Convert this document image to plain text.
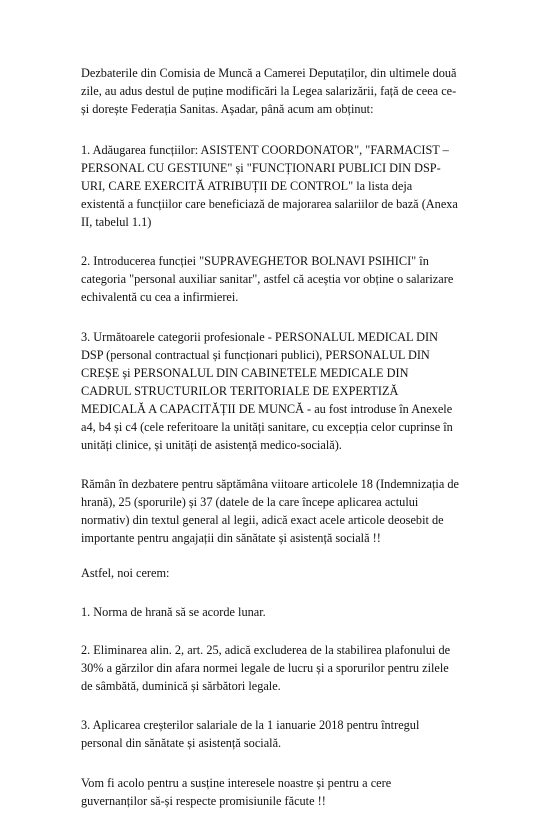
Dezbaterile din Comisia de Muncă a Camerei Deputaților, din ultimele două
zile, au adus destul de puține modificări la Legea salarizării, față de ceea ce-
și dorește Federația Sanitas. Așadar, până acum am obținut:

1. Adăugarea funcțiilor: ASISTENT COORDONATOR", "FARMACIST –
PERSONAL CU GESTIUNE" și "FUNCȚIONARI PUBLICI DIN DSP-
URI, CARE EXERCITĂ ATRIBUȚII DE CONTROL" la lista deja
existentă a funcțiilor care beneficiază de majorarea salariilor de bază (Anexa
II, tabelul 1.1)

2. Introducerea funcției "SUPRAVEGHETOR BOLNAVI PSIHICI" în
categoria "personal auxiliar sanitar", astfel că aceștia vor obține o salarizare
echivalentă cu cea a infirmierei.

3. Următoarele categorii profesionale - PERSONALUL MEDICAL DIN
DSP (personal contractual și funcționari publici), PERSONALUL DIN
CREȘE și PERSONALUL DIN CABINETELE MEDICALE DIN
CADRUL STRUCTURILOR TERITORIALE DE EXPERTIZĂ
MEDICALĂ A CAPACITĂȚII DE MUNCĂ - au fost introduse în Anexele
a4, b4 și c4 (cele referitoare la unități sanitare, cu excepția celor cuprinse în
unități clinice, și unități de asistență medico-socială).

Rămân în dezbatere pentru săptămâna viitoare articolele 18 (Indemnizația de
hrană), 25 (sporurile) și 37 (datele de la care începe aplicarea actului
normativ) din textul general al legii, adică exact acele articole deosebit de
importante pentru angajații din sănătate și asistență socială !!

Astfel, noi cerem:

1. Norma de hrană să se acorde lunar.

2. Eliminarea alin. 2, art. 25, adică excluderea de la stabilirea plafonului de
30% a gărzilor din afara normei legale de lucru și a sporurilor pentru zilele
de sâmbătă, duminică și sărbători legale.

3. Aplicarea creșterilor salariale de la 1 ianuarie 2018 pentru întregul
personal din sănătate și asistență socială.

Vom fi acolo pentru a susține interesele noastre și pentru a cere
guvernanților să-și respecte promisiunile făcute !!
